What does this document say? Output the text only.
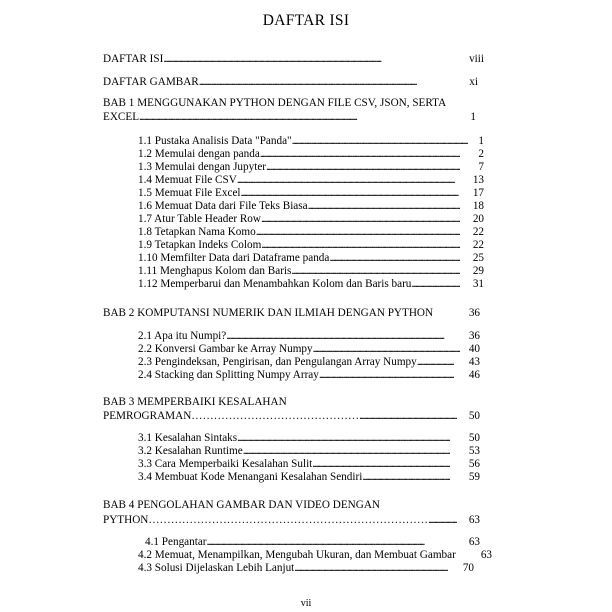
DAFTAR ISI
DAFTAR ISI . . .	viii
DAFTAR GAMBAR . . .	xi
BAB 1 MENGGUNAKAN PYTHON DENGAN FILE CSV, JSON, SERTA
EXCEL . . .	1
1.1 Pustaka Analisis Data "Panda" . . .	1
1.2 Memulai dengan panda . . .	2
1.3 Memulai dengan Jupyter . . .	7
1.4 Memuat File CSV . . .	13
1.5 Memuat File Excel . . .	17
1.6 Memuat Data dari File Teks Biasa . . .	18
1.7 Atur Table Header Row . . .	20
1.8 Tetapkan Nama Komo . . .	22
1.9 Tetapkan Indeks Colom . . .	22
1.10 Memfilter Data dari Dataframe panda . . .	25
1.11 Menghapus Kolom dan Baris . . .	29
1.12 Memperbarui dan Menambahkan Kolom dan Baris baru . . .	31
BAB 2 KOMPUTANSI NUMERIK DAN ILMIAH DENGAN PYTHON	36
2.1 Apa itu Numpi? . . .	36
2.2 Konversi Gambar ke Array Numpy . . .	40
2.3 Pengindeksan, Pengirisan, dan Pengulangan Array Numpy . . .	43
2.4 Stacking dan Splitting Numpy Array . . .	46
BAB 3 MEMPERBAIKI KESALAHAN
PEMROGRAMAN……………………………………… . . .	50
3.1 Kesalahan Sintaks . . .	50
3.2 Kesalahan Runtime . . .	53
3.3 Cara Memperbaiki Kesalahan Sulit . . .	56
3.4 Membuat Kode Menangani Kesalahan Sendiri . . .	59
BAB 4 PENGOLAHAN GAMBAR DAN VIDEO DENGAN
PYTHON………………………………………………………………… . . .	63
4.1 Pengantar . . .	63
4.2 Memuat, Menampilkan, Mengubah Ukuran, dan Membuat Gambar	63
4.3 Solusi Dijelaskan Lebih Lanjut . . .	70
vii
